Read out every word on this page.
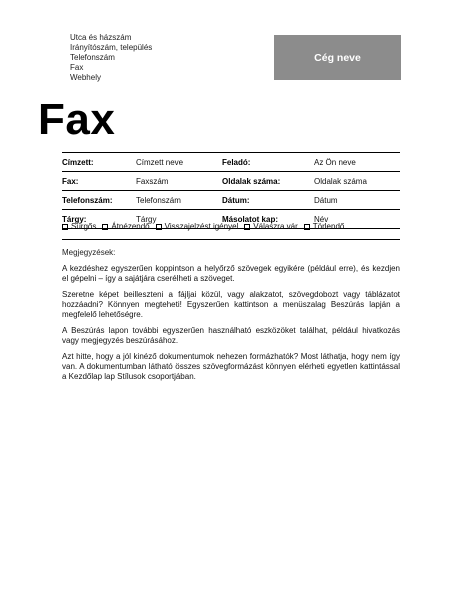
Utca és házszám
Irányítószám, település
Telefonszám
Fax
Webhely
Cég neve
Fax
Címzett:	Címzett neve	Feladó:	Az Ön neve
Fax:	Faxszám	Oldalak száma:	Oldalak száma
Telefonszám:	Telefonszám	Dátum:	Dátum
Tárgy:	Tárgy	Másolatot kap:	Név
Sürgős Átnézendő Visszajelzést igényel Válaszra vár Törlendő
Megjegyzések:

A kezdéshez egyszerűen koppintson a helyőrző szövegek egyikére (például erre), és kezdjen el gépelni – így a sajátjára cserélheti a szöveget.

Szeretne képet beilleszteni a fájljai közül, vagy alakzatot, szövegdobozt vagy táblázatot hozzáadni? Könnyen megteheti! Egyszerűen kattintson a menüszalag Beszúrás lapján a megfelelő lehetőségre.

A Beszúrás lapon további egyszerűen használható eszközöket találhat, például hivatkozás vagy megjegyzés beszúrásához.

Azt hitte, hogy a jól kinéző dokumentumok nehezen formázhatók? Most láthatja, hogy nem így van. A dokumentumban látható összes szövegformázást könnyen elérheti egyetlen kattintással a Kezdőlap lap Stílusok csoportjában.
